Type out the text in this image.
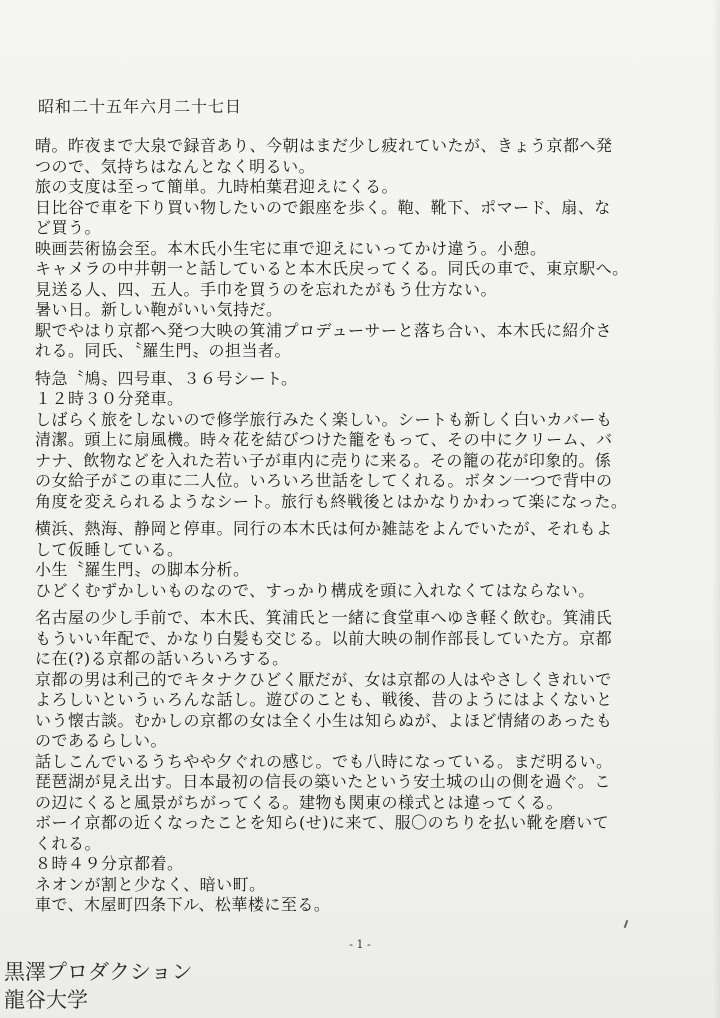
昭和二十五年六月二十七日
晴。昨夜まで大泉で録音あり、今朝はまだ少し疲れていたが、きょう京都へ発
つので、気持ちはなんとなく明るい。
旅の支度は至って簡単。九時柏葉君迎えにくる。
日比谷で車を下り買い物したいので銀座を歩く。鞄、靴下、ポマード、扇、な
ど買う。
映画芸術協会至。本木氏小生宅に車で迎えにいってかけ違う。小憩。
キャメラの中井朝一と話していると本木氏戻ってくる。同氏の車で、東京駅へ。
見送る人、四、五人。手巾を買うのを忘れたがもう仕方ない。
暑い日。新しい鞄がいい気持だ。
駅でやはり京都へ発つ大映の箕浦プロデューサーと落ち合い、本木氏に紹介さ
れる。同氏、〝羅生門〟の担当者。
特急〝鳩〟四号車、３６号シート。
１２時３０分発車。
しばらく旅をしないので修学旅行みたく楽しい。シートも新しく白いカバーも
清潔。頭上に扇風機。時々花を結びつけた籠をもって、その中にクリーム、バ
ナナ、飲物などを入れた若い子が車内に売りに来る。その籠の花が印象的。係
の女給子がこの車に二人位。いろいろ世話をしてくれる。ボタン一つで背中の
角度を変えられるようなシート。旅行も終戦後とはかなりかわって楽になった。
横浜、熱海、静岡と停車。同行の本木氏は何か雑誌をよんでいたが、それもよ
して仮睡している。
小生〝羅生門〟の脚本分析。
ひどくむずかしいものなので、すっかり構成を頭に入れなくてはならない。
名古屋の少し手前で、本木氏、箕浦氏と一緒に食堂車へゆき軽く飲む。箕浦氏
もういい年配で、かなり白髪も交じる。以前大映の制作部長していた方。京都
に在(?)る京都の話いろいろする。
京都の男は利己的でキタナクひどく厭だが、女は京都の人はやさしくきれいで
よろしいというぃろんな話し。遊びのことも、戦後、昔のようにはよくないと
いう懐古談。むかしの京都の女は全く小生は知らぬが、よほど情緒のあったも
のであるらしい。
話しこんでいるうちやや夕ぐれの感じ。でも八時になっている。まだ明るい。
琵琶湖が見え出す。日本最初の信長の築いたという安土城の山の側を過ぐ。こ
の辺にくると風景がちがってくる。建物も関東の様式とは違ってくる。
ボーイ京都の近くなったことを知ら(せ)に来て、服〇のちりを払い靴を磨いて
くれる。
８時４９分京都着。
ネオンが割と少なく、暗い町。
車で、木屋町四条下ル、松華楼に至る。
- 1 -
黒澤プロダクション
龍谷大学
